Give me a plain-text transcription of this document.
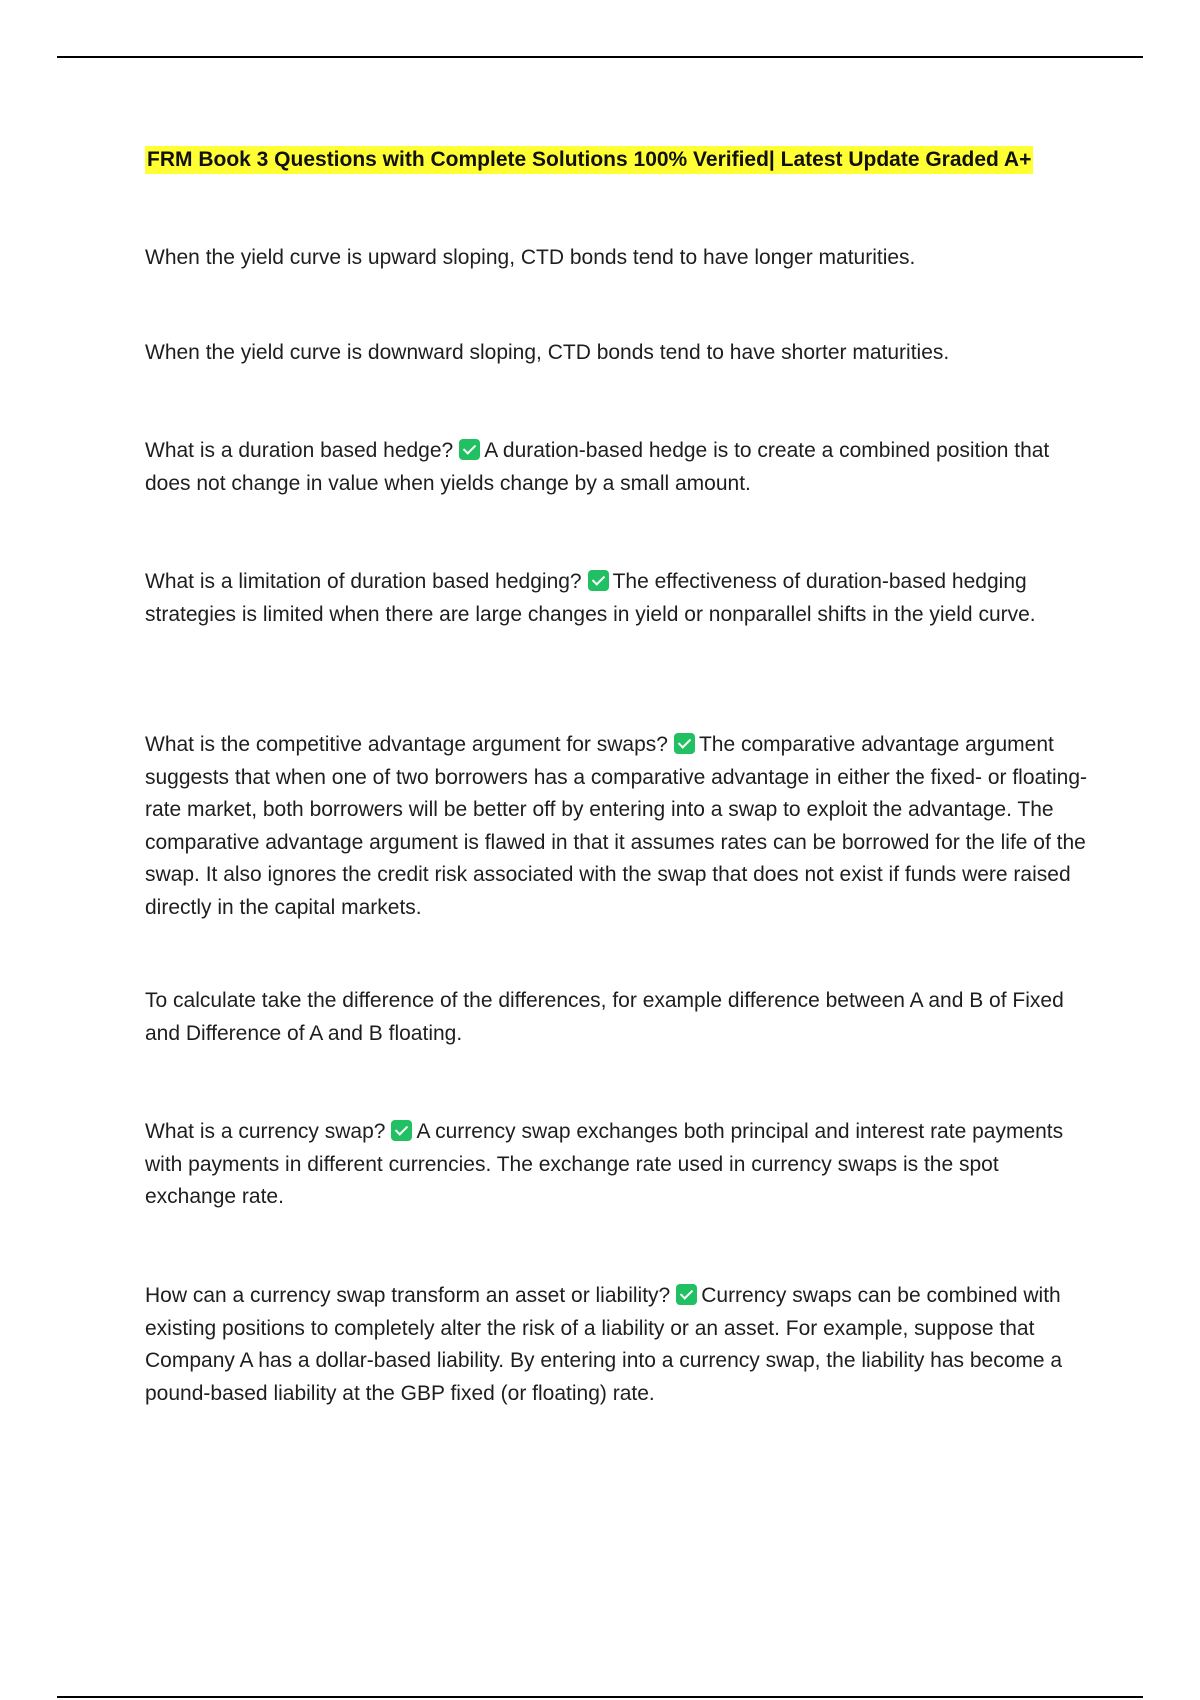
FRM Book 3 Questions with Complete Solutions 100% Verified| Latest Update Graded A+
When the yield curve is upward sloping, CTD bonds tend to have longer maturities.
When the yield curve is downward sloping, CTD bonds tend to have shorter maturities.
What is a duration based hedge? A duration-based hedge is to create a combined position that does not change in value when yields change by a small amount.
What is a limitation of duration based hedging? The effectiveness of duration-based hedging strategies is limited when there are large changes in yield or nonparallel shifts in the yield curve.
What is the competitive advantage argument for swaps? The comparative advantage argument suggests that when one of two borrowers has a comparative advantage in either the fixed- or floating-rate market, both borrowers will be better off by entering into a swap to exploit the advantage. The comparative advantage argument is flawed in that it assumes rates can be borrowed for the life of the swap. It also ignores the credit risk associated with the swap that does not exist if funds were raised directly in the capital markets.
To calculate take the difference of the differences, for example difference between A and B of Fixed and Difference of A and B floating.
What is a currency swap? A currency swap exchanges both principal and interest rate payments with payments in different currencies. The exchange rate used in currency swaps is the spot exchange rate.
How can a currency swap transform an asset or liability? Currency swaps can be combined with existing positions to completely alter the risk of a liability or an asset. For example, suppose that Company A has a dollar-based liability. By entering into a currency swap, the liability has become a pound-based liability at the GBP fixed (or floating) rate.
